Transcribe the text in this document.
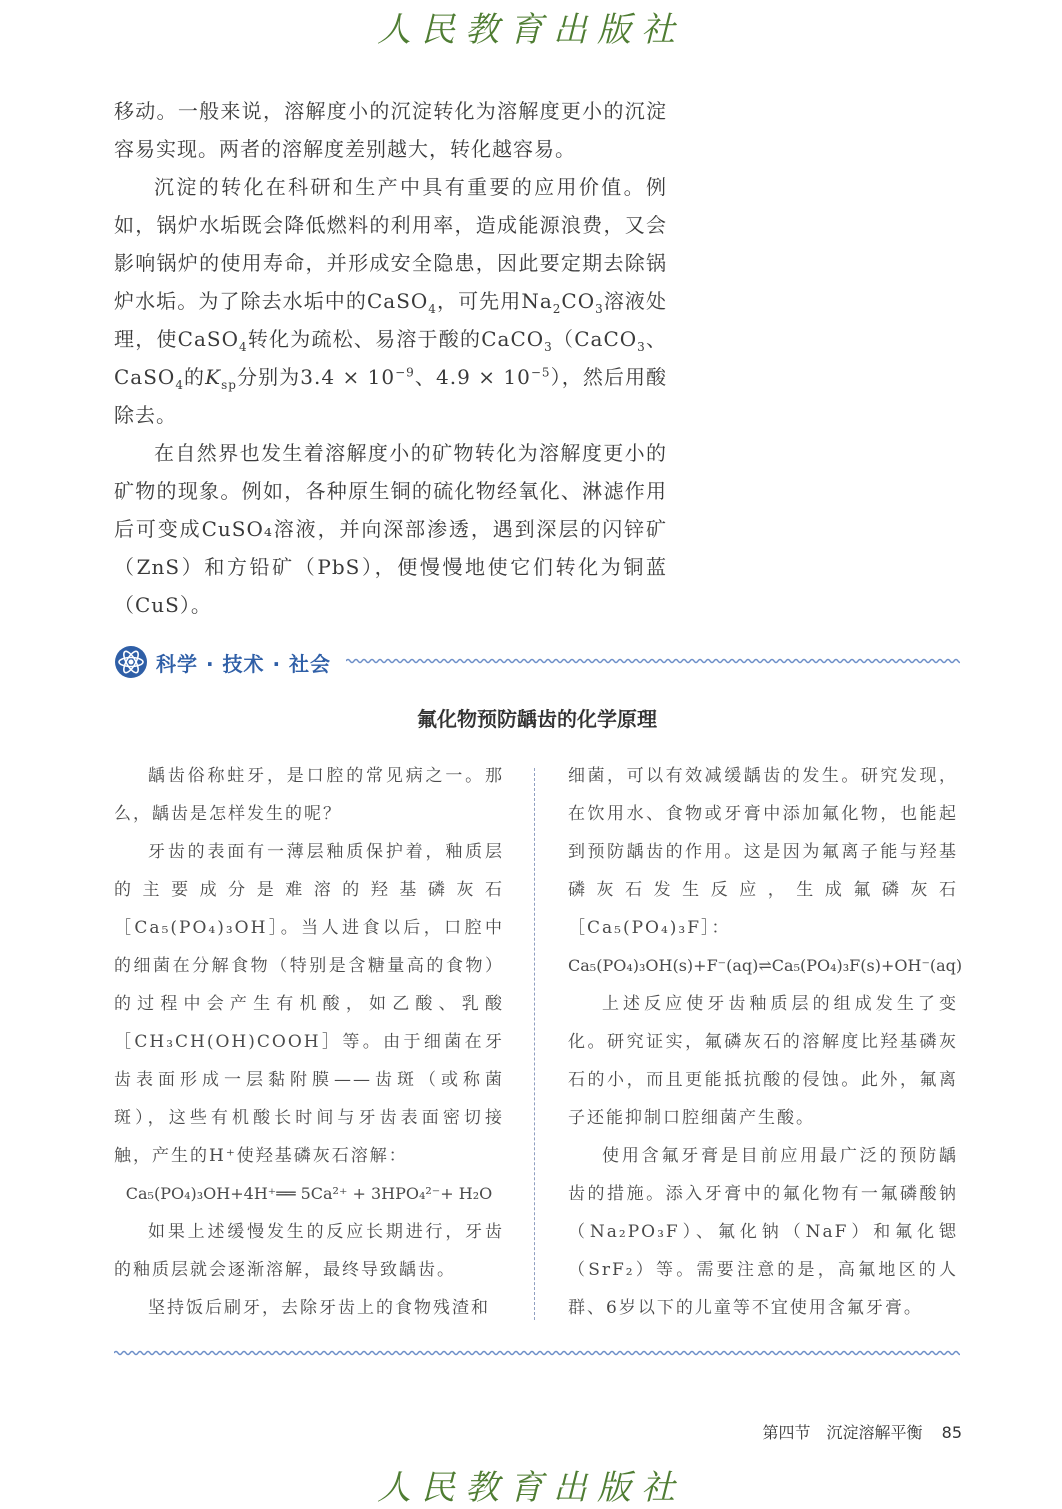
人民教育出版社

移动。一般来说，溶解度小的沉淀转化为溶解度更小的沉淀容易实现。两者的溶解度差别越大，转化越容易。

沉淀的转化在科研和生产中具有重要的应用价值。例如，锅炉水垢既会降低燃料的利用率，造成能源浪费，又会影响锅炉的使用寿命，并形成安全隐患，因此要定期去除锅炉水垢。为了除去水垢中的CaSO$_4$，可先用$Na_2CO_3$溶液处理，使CaSO$_4$转化为疏松、易溶于酸的CaCO$_3$（CaCO$_3$、CaSO$_4$的$K_{sp}$分别为$3.4 \times 10^{-9}$、$4.9 \times 10^{-5}$），然后用酸除去。

在自然界也发生着溶解度小的矿物转化为溶解度更小的矿物的现象。例如，各种原生铜的硫化物经氧化、淋滤作用后可变成CuSO₄溶液，并向深部渗透，遇到深层的闪锌矿（ZnS）和方铅矿（PbS），便慢慢地使它们转化为铜蓝（CuS）。

科学 · 技术 · 社会
氟化物预防龋齿的化学原理

龋齿俗称蛀牙，是口腔的常见病之一。那么，龋齿是怎样发生的呢？

牙齿的表面有一薄层釉质保护着，釉质层的主要成分是难溶的羟基磷灰石［Ca₅(PO₄)₃OH］。当人进食以后，口腔中的细菌在分解食物（特别是含糖量高的食物）的过程中会产生有机酸，如乙酸、乳酸［CH₃CH(OH)COOH］等。由于细菌在牙齿表面形成一层黏附膜——齿斑（或称菌斑），这些有机酸长时间与牙齿表面密切接触，产生的H⁺使羟基磷灰石溶解：

Ca₅(PO₄)₃OH+4H⁺══ 5Ca²⁺ + 3HPO₄²⁻+ H₂O

如果上述缓慢发生的反应长期进行，牙齿的釉质层就会逐渐溶解，最终导致龋齿。

坚持饭后刷牙，去除牙齿上的食物残渣和

细菌，可以有效减缓龋齿的发生。研究发现，在饮用水、食物或牙膏中添加氟化物，也能起到预防龋齿的作用。这是因为氟离子能与羟基磷灰石发生反应，生成氟磷灰石［Ca₅(PO₄)₃F］：

Ca₅(PO₄)₃OH(s)+F⁻(aq)⇌Ca₅(PO₄)₃F(s)+OH⁻(aq)

上述反应使牙齿釉质层的组成发生了变化。研究证实，氟磷灰石的溶解度比羟基磷灰石的小，而且更能抵抗酸的侵蚀。此外，氟离子还能抑制口腔细菌产生酸。

使用含氟牙膏是目前应用最广泛的预防龋齿的措施。添入牙膏中的氟化物有一氟磷酸钠（Na₂PO₃F）、氟化钠（NaF）和氟化锶（SrF₂）等。需要注意的是，高氟地区的人群、6岁以下的儿童等不宜使用含氟牙膏。

第四节　沉淀溶解平衡 85
人民教育出版社
